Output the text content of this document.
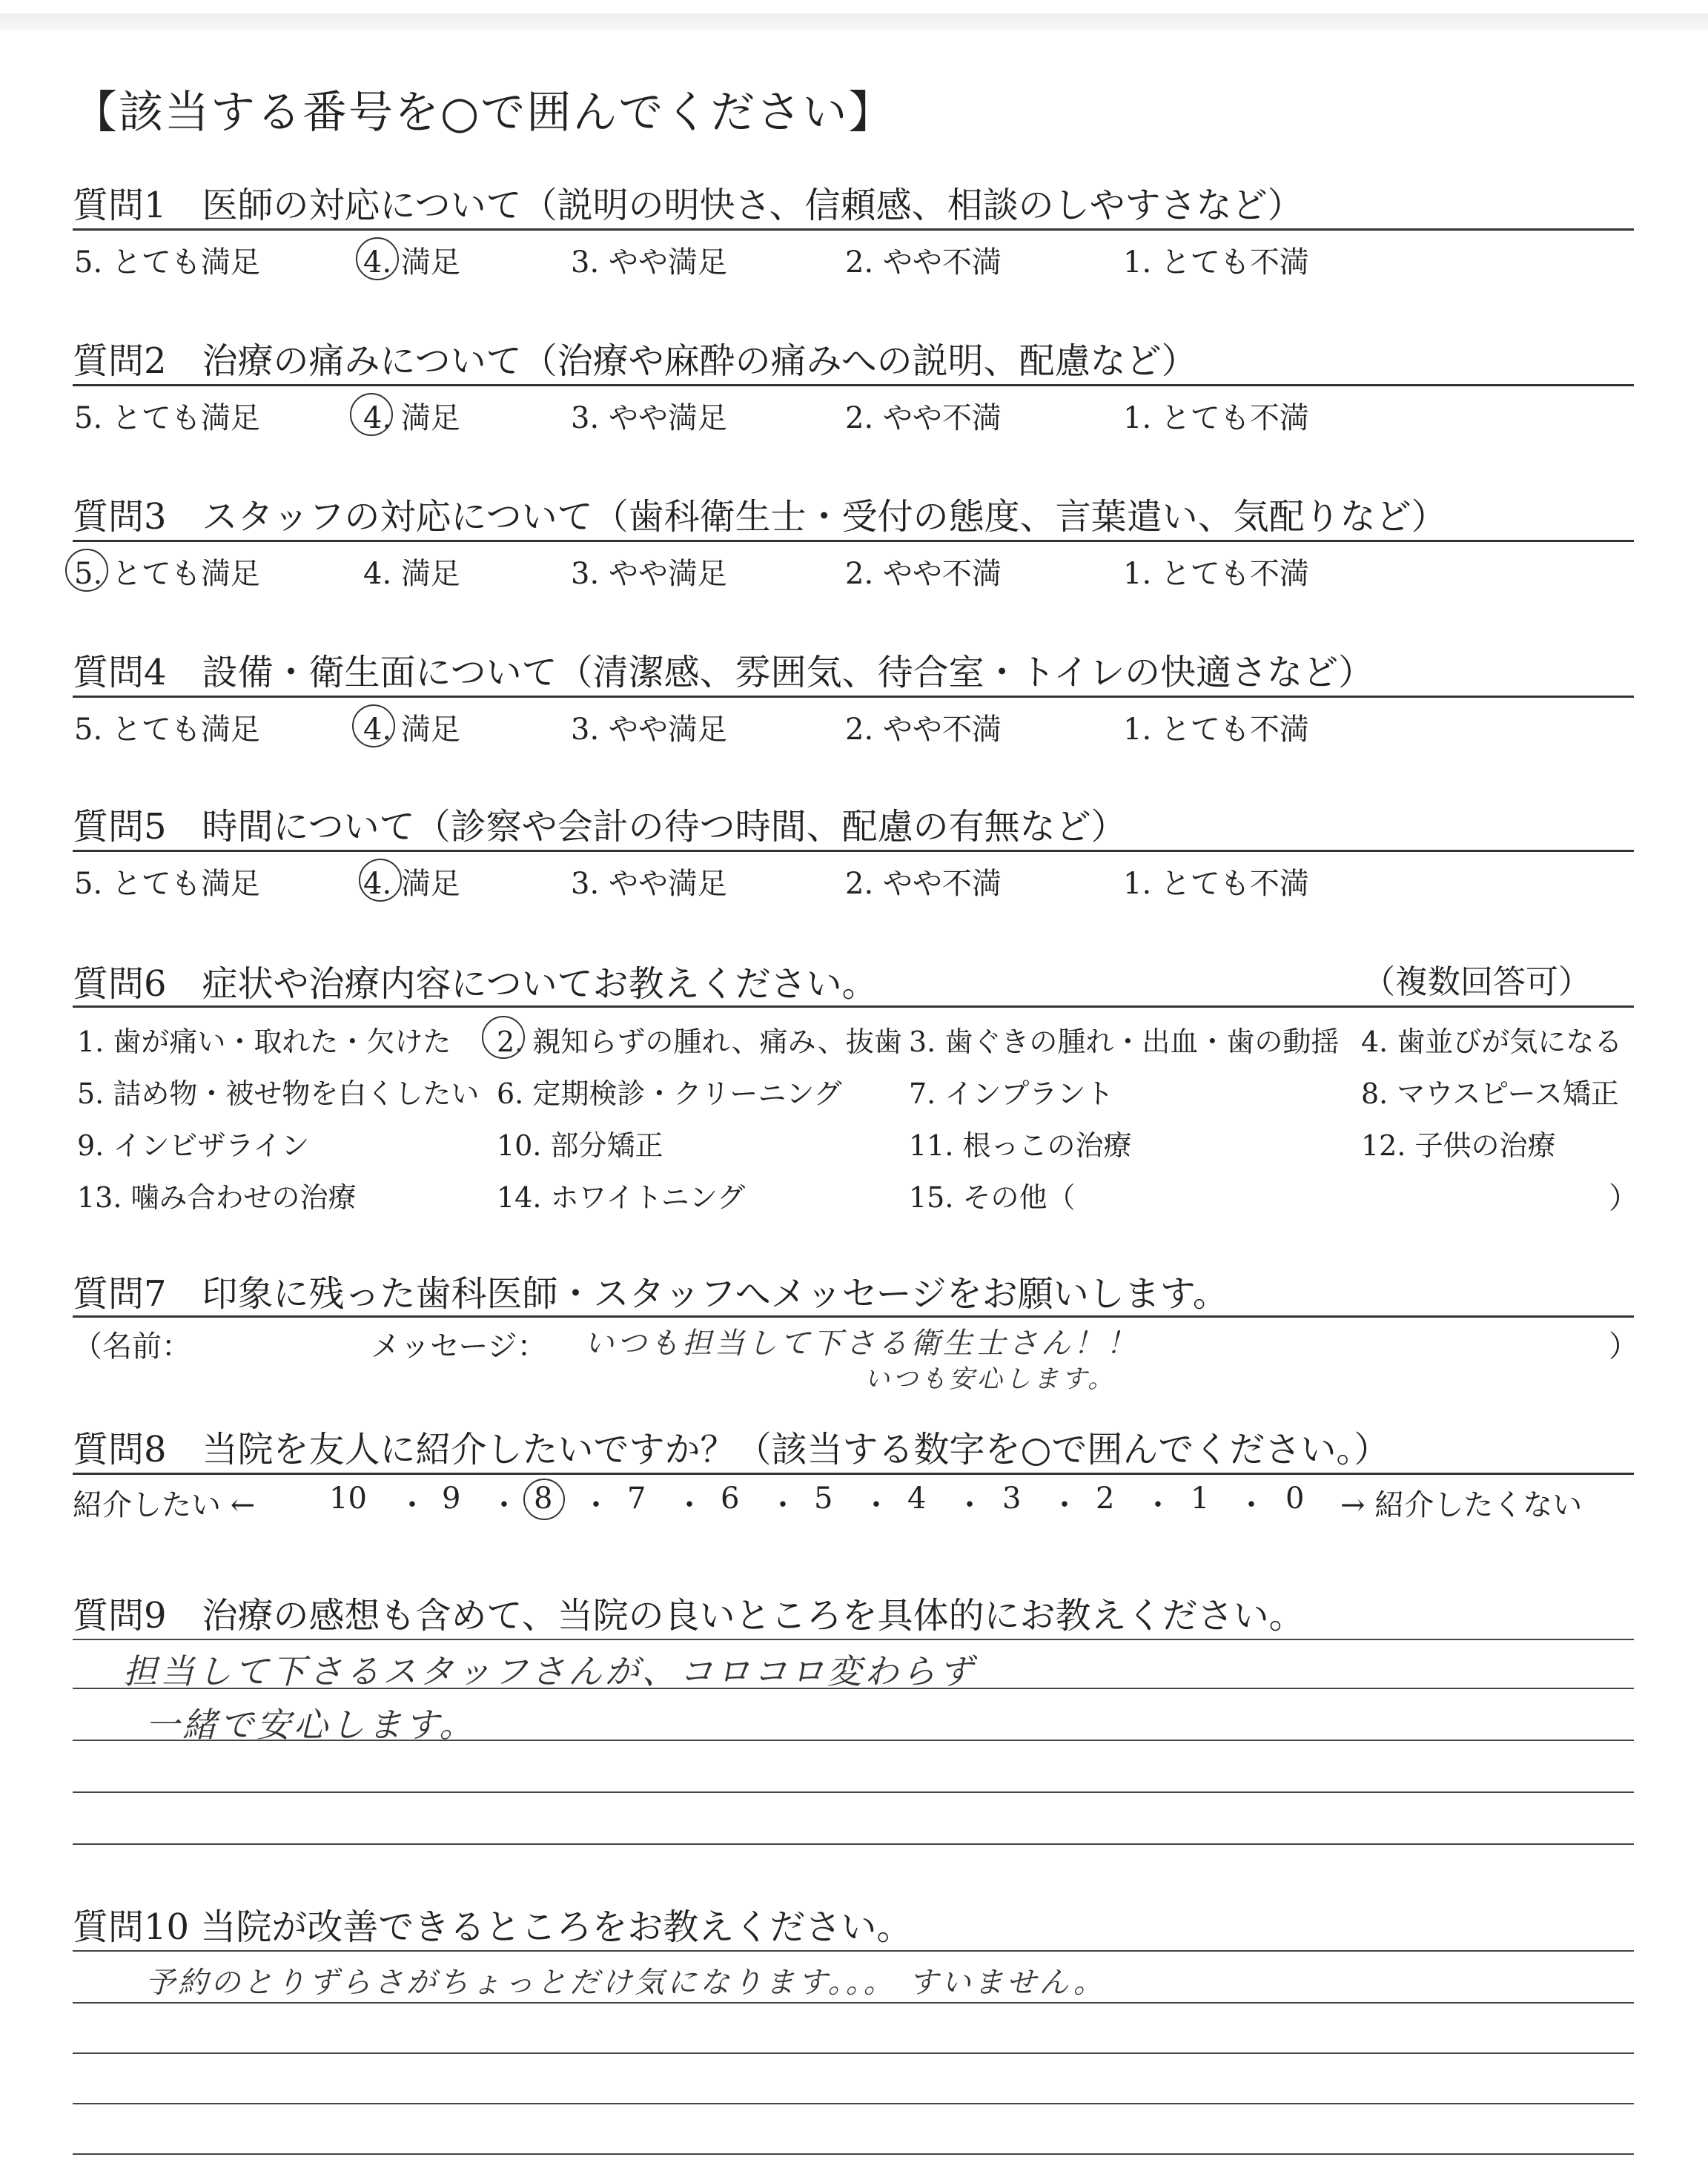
【該当する番号を○で囲んでください】
質問1　医師の対応について（説明の明快さ、信頼感、相談のしやすさなど）
5. とても満足	4. 満足	3. やや満足	2. やや不満	1. とても不満
質問2　治療の痛みについて（治療や麻酔の痛みへの説明、配慮など）
5. とても満足	4. 満足	3. やや満足	2. やや不満	1. とても不満
質問3　スタッフの対応について（歯科衛生士・受付の態度、言葉遣い、気配りなど）
5. とても満足	4. 満足	3. やや満足	2. やや不満	1. とても不満
質問4　設備・衛生面について（清潔感、雰囲気、待合室・トイレの快適さなど）
5. とても満足	4. 満足	3. やや満足	2. やや不満	1. とても不満
質問5　時間について（診察や会計の待つ時間、配慮の有無など）
5. とても満足	4. 満足	3. やや満足	2. やや不満	1. とても不満
質問6　症状や治療内容についてお教えください。	（複数回答可）
1. 歯が痛い・取れた・欠けた 2. 親知らずの腫れ、痛み、抜歯 3. 歯ぐきの腫れ・出血・歯の動揺 4. 歯並びが気になる
5. 詰め物・被せ物を白くしたい 6. 定期検診・クリーニング 7. インプラント	8. マウスピース矯正
9. インビザライン	10. 部分矯正	11. 根っこの治療	12. 子供の治療
13. 噛み合わせの治療	14. ホワイトニング	15. その他（	）
質問7　印象に残った歯科医師・スタッフへメッセージをお願いします。
（名前：	メッセージ： いつも担当して下さる衛生士さん！！
いつも安心します。
）
質問8　当院を友人に紹介したいですか？（該当する数字を○で囲んでください。）
紹介したい ← 10 ・ 9 ・ 8 ・ 7 ・ 6 ・ 5 ・ 4 ・ 3 ・ 2 ・ 1 ・ 0 → 紹介したくない
質問9　治療の感想も含めて、当院の良いところを具体的にお教えください。
担当して下さるスタッフさんが、コロコロ変わらず
一緒で安心します。
質問10 当院が改善できるところをお教えください。
予約のとりずらさがちょっとだけ気になります。。。 すいません。
